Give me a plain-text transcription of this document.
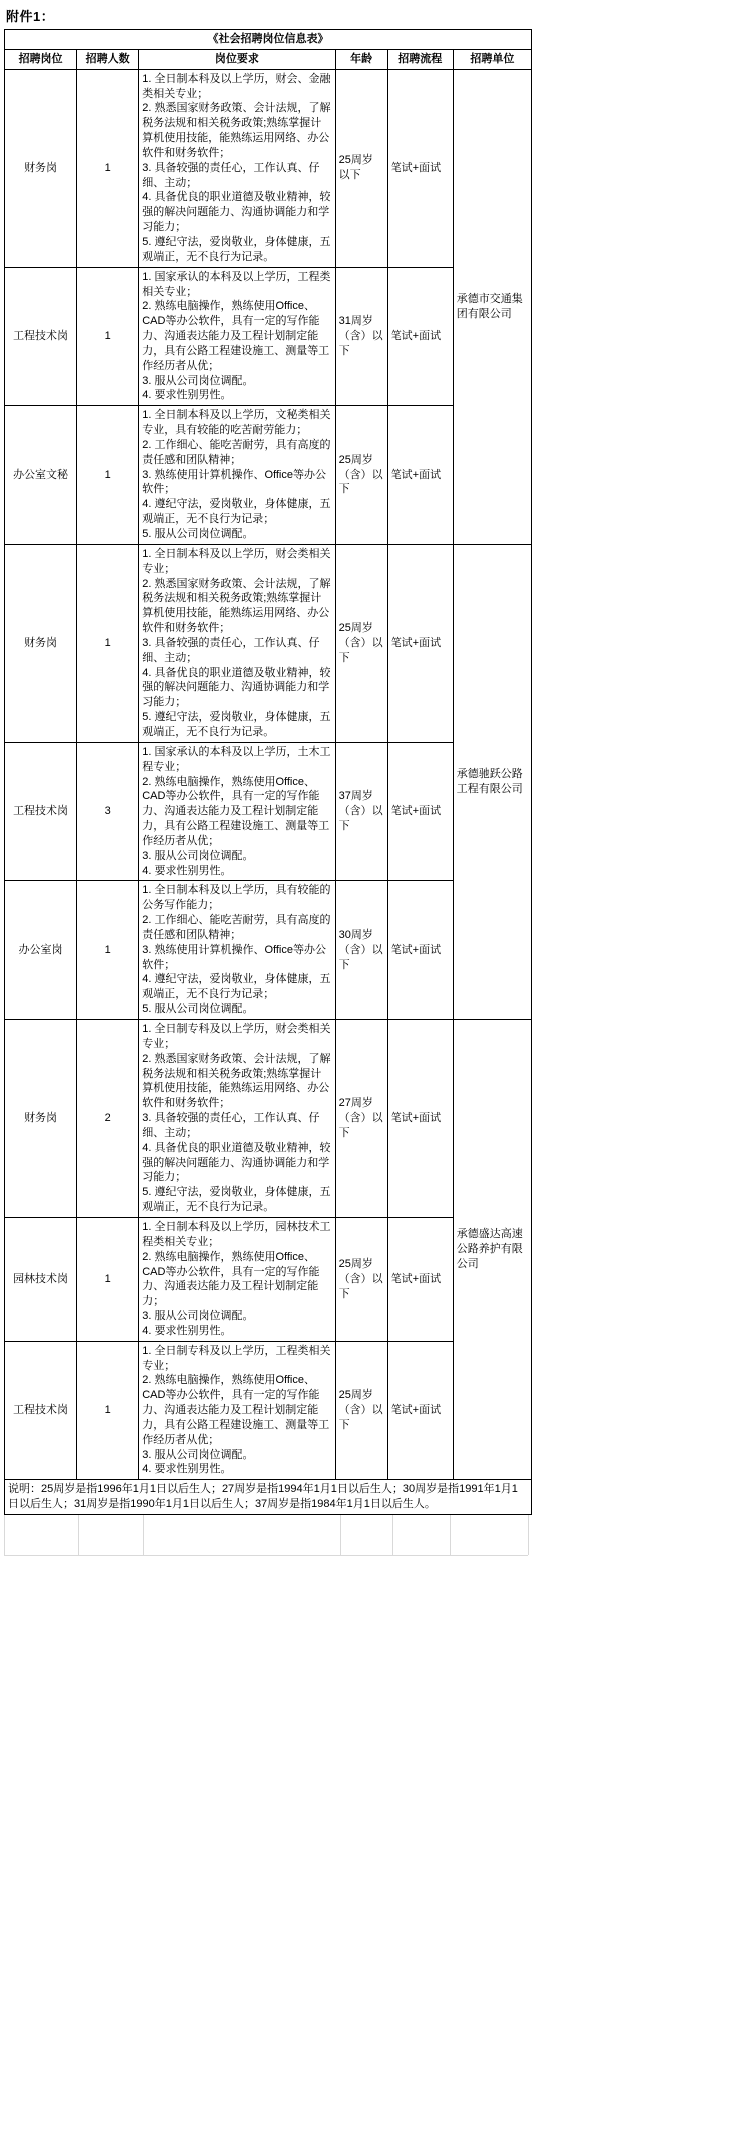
附件1：
《社会招聘岗位信息表》					
招聘岗位	招聘人数	岗位要求	年龄	招聘流程	招聘单位
财务岗	1	1. 全日制本科及以上学历，财会、金融类相关专业；
2. 熟悉国家财务政策、会计法规，了解税务法规和相关税务政策;熟练掌握计算机使用技能，能熟练运用网络、办公软件和财务软件；
3. 具备较强的责任心，工作认真、仔细、主动；
4. 具备优良的职业道德及敬业精神，较强的解决问题能力、沟通协调能力和学习能力；
5. 遵纪守法，爱岗敬业，身体健康，五观端正，无不良行为记录。	25周岁以下	笔试+面试	承德市交通集团有限公司
工程技术岗	1	1. 国家承认的本科及以上学历，工程类相关专业；
2. 熟练电脑操作，熟练使用Office、CAD等办公软件，具有一定的写作能力、沟通表达能力及工程计划制定能力，具有公路工程建设施工、测量等工作经历者从优；
3. 服从公司岗位调配。
4. 要求性别男性。	31周岁（含）以下	笔试+面试	
办公室文秘	1	1. 全日制本科及以上学历，文秘类相关专业，具有较能的吃苦耐劳能力；
2. 工作细心、能吃苦耐劳，具有高度的责任感和团队精神；
3. 熟练使用计算机操作、Office等办公软件；
4. 遵纪守法，爱岗敬业，身体健康，五观端正，无不良行为记录；
5. 服从公司岗位调配。	25周岁（含）以下	笔试+面试	
财务岗	1	1. 全日制本科及以上学历，财会类相关专业；
2. 熟悉国家财务政策、会计法规，了解税务法规和相关税务政策;熟练掌握计算机使用技能，能熟练运用网络、办公软件和财务软件；
3. 具备较强的责任心，工作认真、仔细、主动；
4. 具备优良的职业道德及敬业精神，较强的解决问题能力、沟通协调能力和学习能力；
5. 遵纪守法，爱岗敬业，身体健康，五观端正，无不良行为记录。	25周岁（含）以下	笔试+面试	承德驰跃公路工程有限公司
工程技术岗	3	1. 国家承认的本科及以上学历，土木工程专业；
2. 熟练电脑操作，熟练使用Office、CAD等办公软件，具有一定的写作能力、沟通表达能力及工程计划制定能力，具有公路工程建设施工、测量等工作经历者从优；
3. 服从公司岗位调配。
4. 要求性别男性。	37周岁（含）以下	笔试+面试	
办公室岗	1	1. 全日制本科及以上学历，具有较能的公务写作能力；
2. 工作细心、能吃苦耐劳，具有高度的责任感和团队精神；
3. 熟练使用计算机操作、Office等办公软件；
4. 遵纪守法，爱岗敬业，身体健康，五观端正，无不良行为记录；
5. 服从公司岗位调配。	30周岁（含）以下	笔试+面试	
财务岗	2	1. 全日制专科及以上学历，财会类相关专业；
2. 熟悉国家财务政策、会计法规，了解税务法规和相关税务政策;熟练掌握计算机使用技能，能熟练运用网络、办公软件和财务软件；
3. 具备较强的责任心，工作认真、仔细、主动；
4. 具备优良的职业道德及敬业精神，较强的解决问题能力、沟通协调能力和学习能力；
5. 遵纪守法，爱岗敬业，身体健康，五观端正，无不良行为记录。	27周岁（含）以下	笔试+面试	承德盛达高速公路养护有限公司
园林技术岗	1	1. 全日制本科及以上学历，园林技术工程类相关专业；
2. 熟练电脑操作，熟练使用Office、CAD等办公软件，具有一定的写作能力、沟通表达能力及工程计划制定能力；
3. 服从公司岗位调配。
4. 要求性别男性。	25周岁（含）以下	笔试+面试	
工程技术岗	1	1. 全日制专科及以上学历，工程类相关专业；
2. 熟练电脑操作，熟练使用Office、CAD等办公软件，具有一定的写作能力、沟通表达能力及工程计划制定能力，具有公路工程建设施工、测量等工作经历者从优；
3. 服从公司岗位调配。
4. 要求性别男性。	25周岁（含）以下	笔试+面试	
说明：25周岁是指1996年1月1日以后生人；27周岁是指1994年1月1日以后生人；30周岁是指1991年1月1日以后生人；31周岁是指1990年1月1日以后生人；37周岁是指1984年1月1日以后生人。					
